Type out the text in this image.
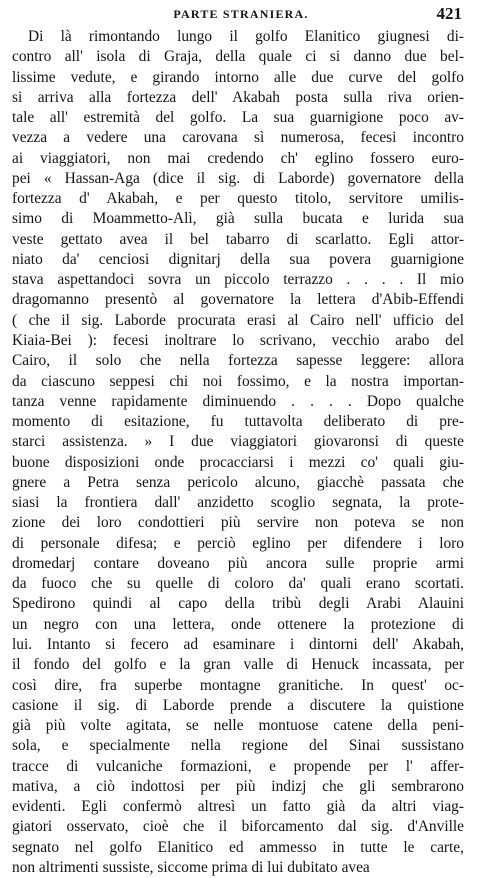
PARTE STRANIERA.	421
Di là rimontando lungo il golfo Elanitico giugnesi di-
contro all' isola di Graja, della quale ci si danno due bel-
lissime vedute, e girando intorno alle due curve del golfo
si arriva alla fortezza dell' Akabah posta sulla riva orien-
tale all' estremità del golfo. La sua guarnigione poco av-
vezza a vedere una carovana sì numerosa, fecesi incontro
ai viaggiatori, non mai credendo ch' eglino fossero euro-
pei « Hassan-Aga (dice il sig. di Laborde) governatore della
fortezza d' Akabah, e per questo titolo, servitore umilis-
simo di Moammetto-Alì, già sulla bucata e lurida sua
veste gettato avea il bel tabarro di scarlatto. Egli attor-
niato da' cenciosi dignitarj della sua povera guarnigione
stava aspettandoci sovra un piccolo terrazzo . . . . Il mio
dragomanno presentò al governatore la lettera d'Abib-Effendi
( che il sig. Laborde procurata erasi al Cairo nell' ufficio del
Kiaia-Bei ): fecesi inoltrare lo scrivano, vecchio arabo del
Cairo, il solo che nella fortezza sapesse leggere: allora
da ciascuno seppesi chi noi fossimo, e la nostra importan-
tanza venne rapidamente diminuendo . . . . Dopo qualche
momento di esitazione, fu tuttavolta deliberato di pre-
starci assistenza. » I due viaggiatori giovaronsi di queste
buone disposizioni onde procacciarsi i mezzi co' quali giu-
gnere a Petra senza pericolo alcuno, giacchè passata che
siasi la frontiera dall' anzidetto scoglio segnata, la prote-
zione dei loro condottieri più servire non poteva se non
di personale difesa; e perciò eglino per difendere i loro
dromedarj contare doveano più ancora sulle proprie armi
da fuoco che su quelle di coloro da' quali erano scortati.
Spedirono quindi al capo della tribù degli Arabi Alauini
un negro con una lettera, onde ottenere la protezione di
lui. Intanto si fecero ad esaminare i dintorni dell' Akabah,
il fondo del golfo e la gran valle di Henuck incassata, per
così dire, fra superbe montagne granitiche. In quest' oc-
casione il sig. di Laborde prende a discutere la quistione
già più volte agitata, se nelle montuose catene della peni-
sola, e specialmente nella regione del Sinai sussistano
tracce di vulcaniche formazioni, e propende per l' affer-
mativa, a ciò indottosi per più indizj che gli sembrarono
evidenti. Egli confermò altresì un fatto già da altri viag-
giatori osservato, cioè che il biforcamento dal sig. d'Anville
segnato nel golfo Elanitico ed ammesso in tutte le carte,
non altrimenti sussiste, siccome prima di lui dubitato avea
